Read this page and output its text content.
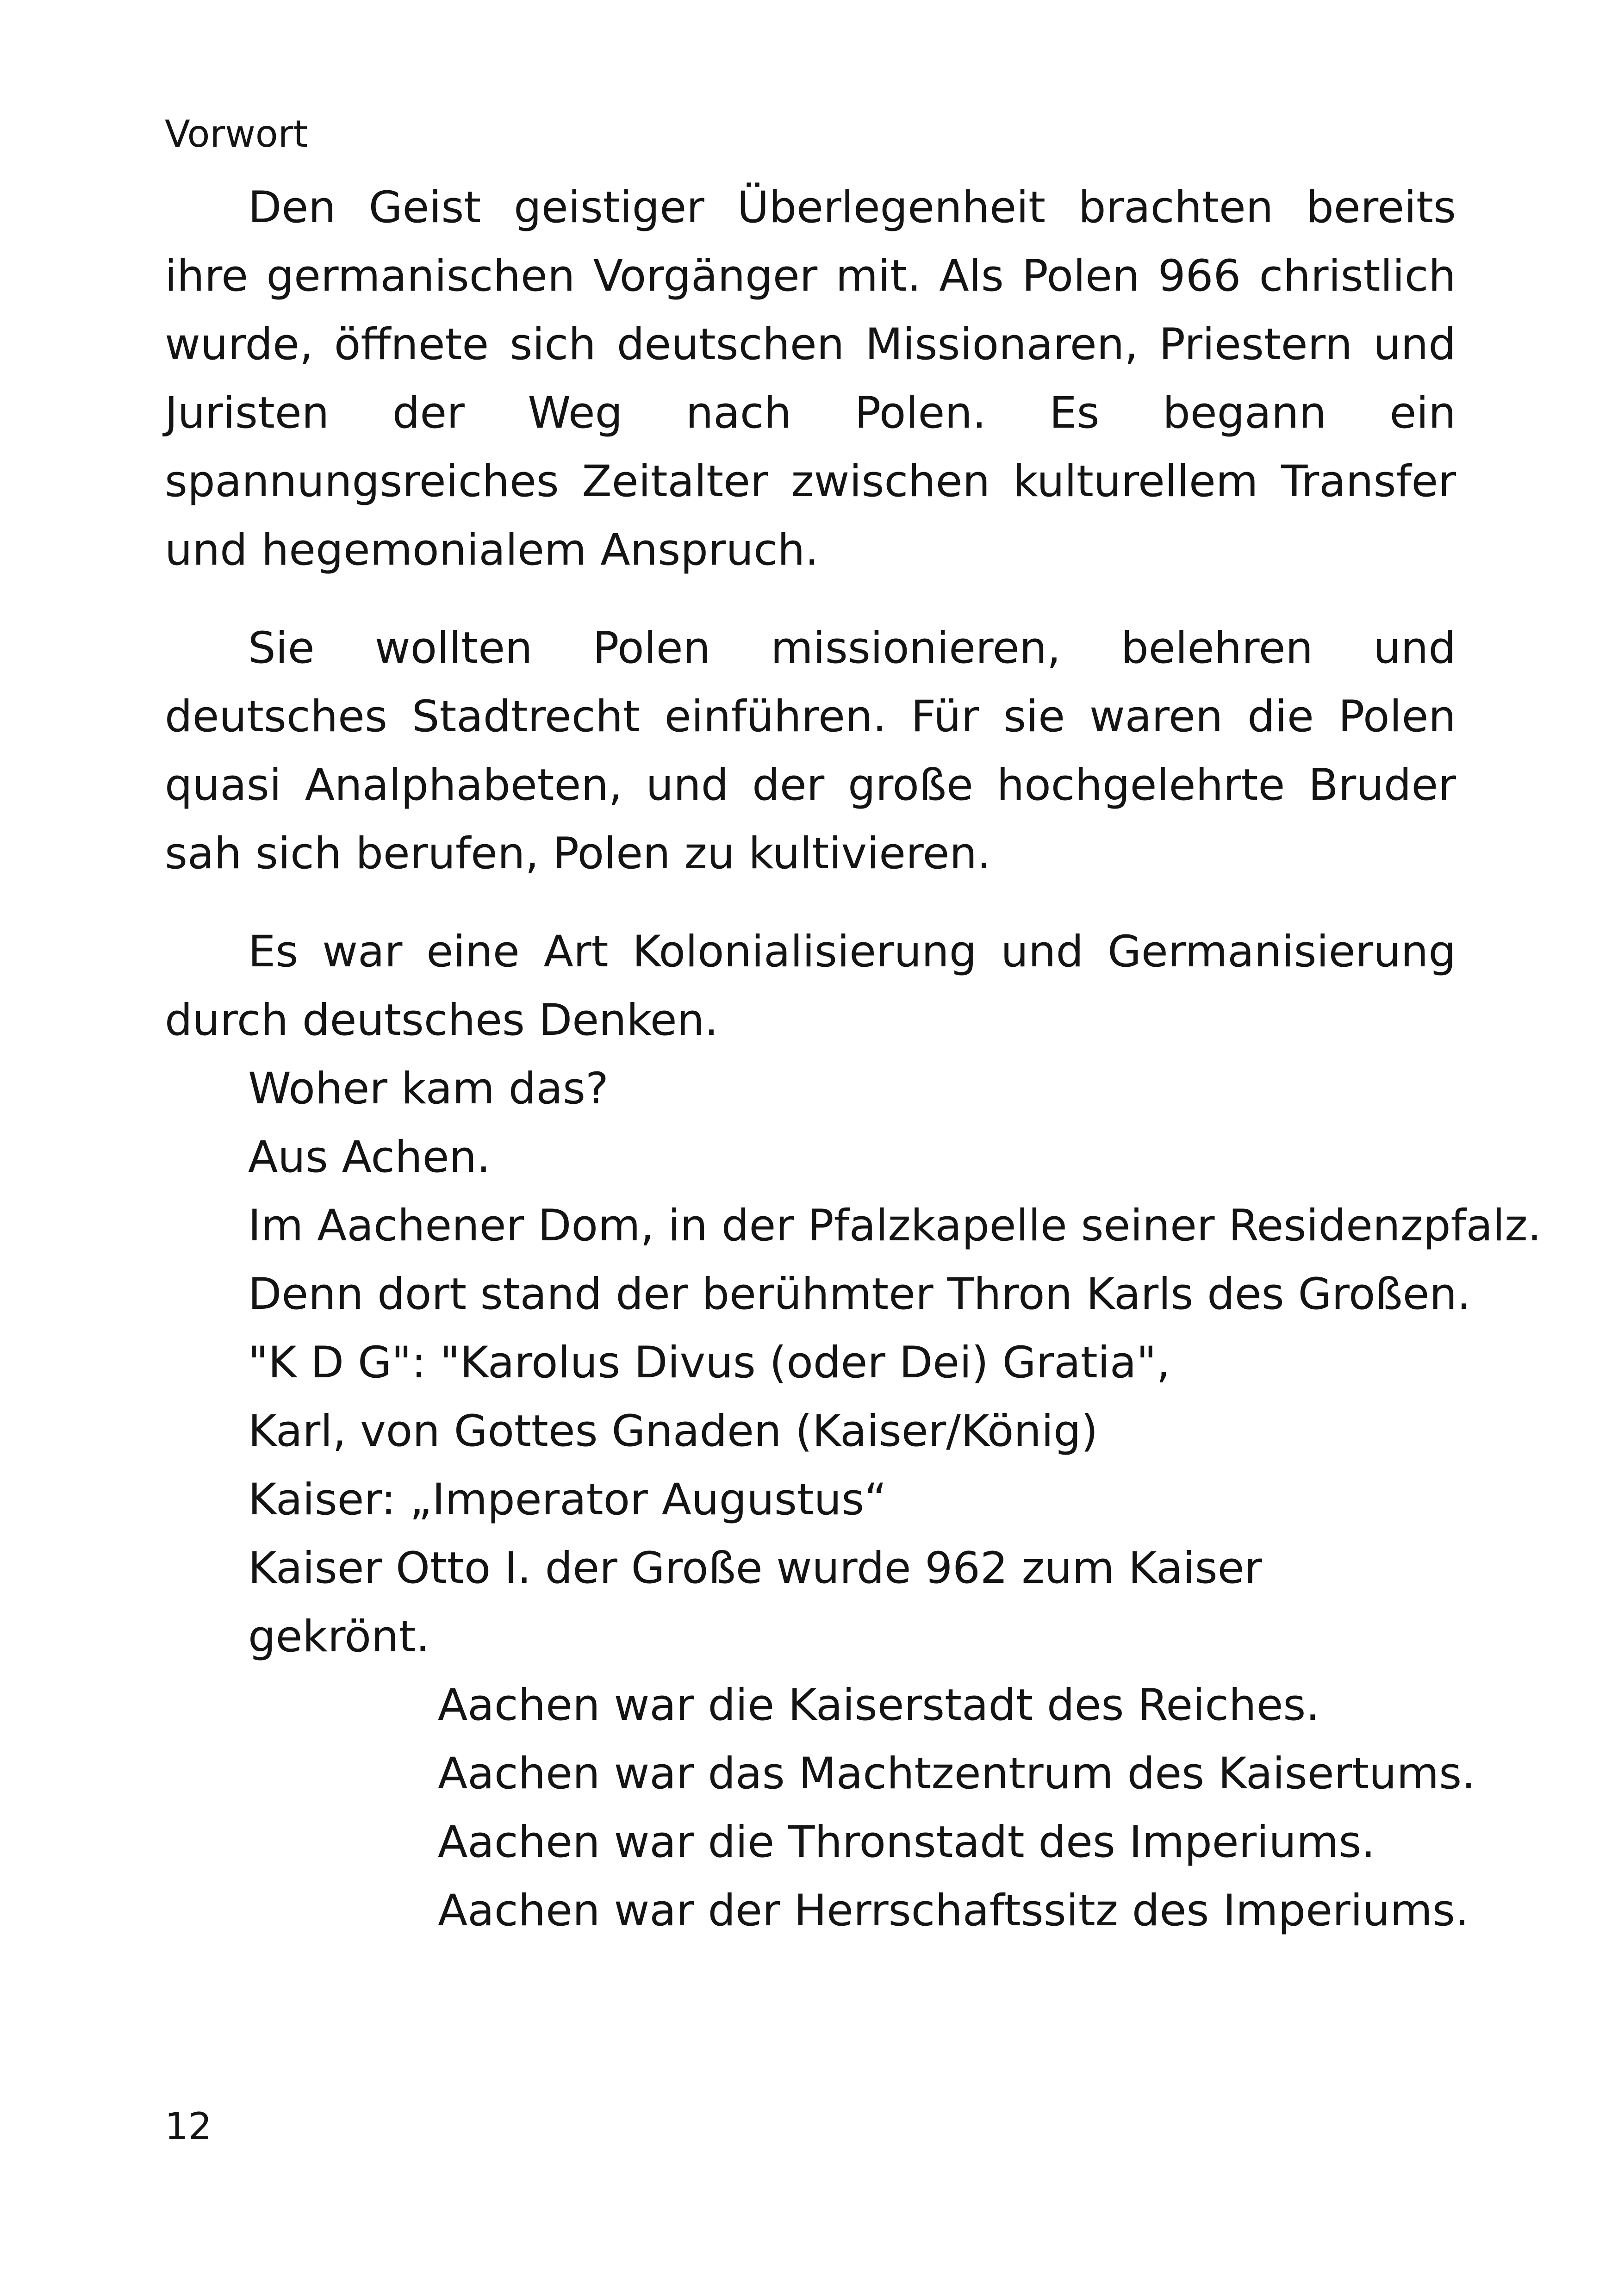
Vorwort

Den Geist geistiger Überlegenheit brachten bereits ihre germanischen Vorgänger mit. Als Polen 966 christlich wurde, öffnete sich deutschen Missionaren, Priestern und Juristen der Weg nach Polen. Es begann ein spannungsreiches Zeitalter zwischen kulturellem Transfer und hegemonialem Anspruch.

Sie wollten Polen missionieren, belehren und deutsches Stadtrecht einführen. Für sie waren die Polen quasi Analphabeten, und der große hochgelehrte Bruder sah sich berufen, Polen zu kultivieren.

Es war eine Art Kolonialisierung und Germanisierung durch deutsches Denken.

Woher kam das?

Aus Achen.
Im Aachener Dom, in der Pfalzkapelle seiner Residenzpfalz.
Denn dort stand der berühmter Thron Karls des Großen.

"K D G": "Karolus Divus (oder Dei) Gratia",
Karl, von Gottes Gnaden (Kaiser/König)
Kaiser: „Imperator Augustus“

Kaiser Otto I. der Große wurde 962 zum Kaiser gekrönt.

Aachen war die Kaiserstadt des Reiches.
Aachen war das Machtzentrum des Kaisertums.

Aachen war die Thronstadt des Imperiums.
Aachen war der Herrschaftssitz des Imperiums.

12
